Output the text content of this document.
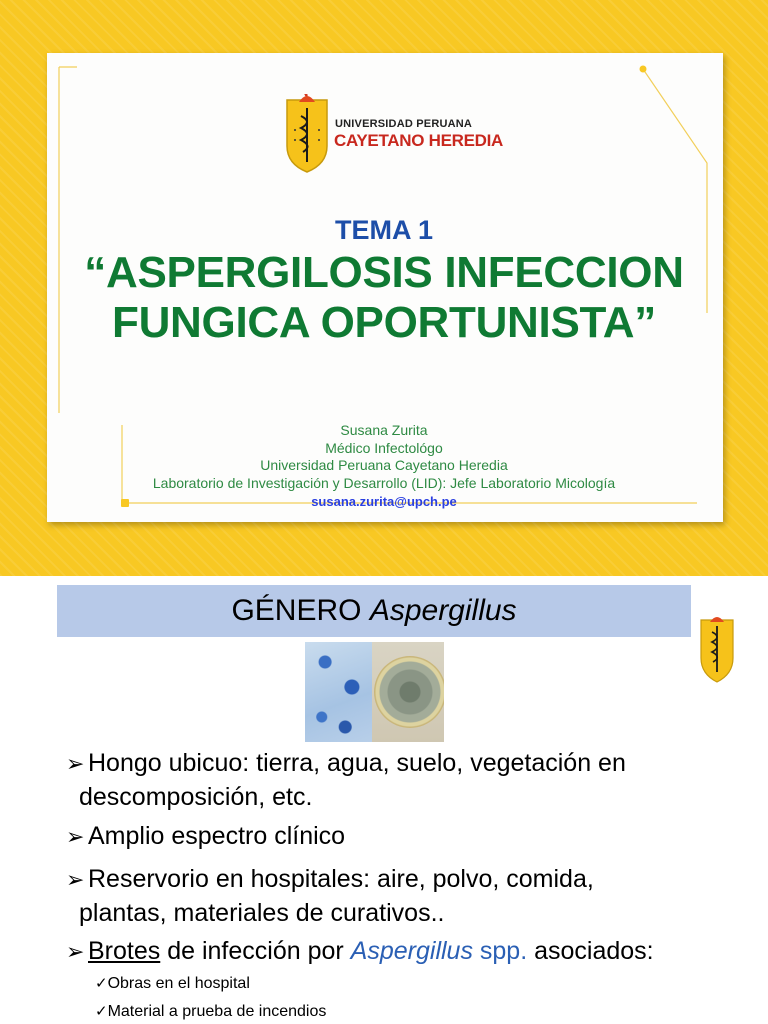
UNIVERSIDAD PERUANA
CAYETANO HEREDIA
TEMA 1
“ASPERGILOSIS INFECCION
FUNGICA OPORTUNISTA”
Susana Zurita
Médico Infectológo
Universidad Peruana Cayetano Heredia
Laboratorio de Investigación y Desarrollo (LID): Jefe Laboratorio Micología
susana.zurita@upch.pe
GÉNERO Aspergillus
➢ Hongo ubicuo: tierra, agua, suelo, vegetación en
descomposición, etc.
➢ Amplio espectro clínico
➢ Reservorio en hospitales: aire, polvo, comida,
plantas, materiales de curativos..
➢ Brotes de infección por Aspergillus spp. asociados:
✓Obras en el hospital
✓Material a prueba de incendios
